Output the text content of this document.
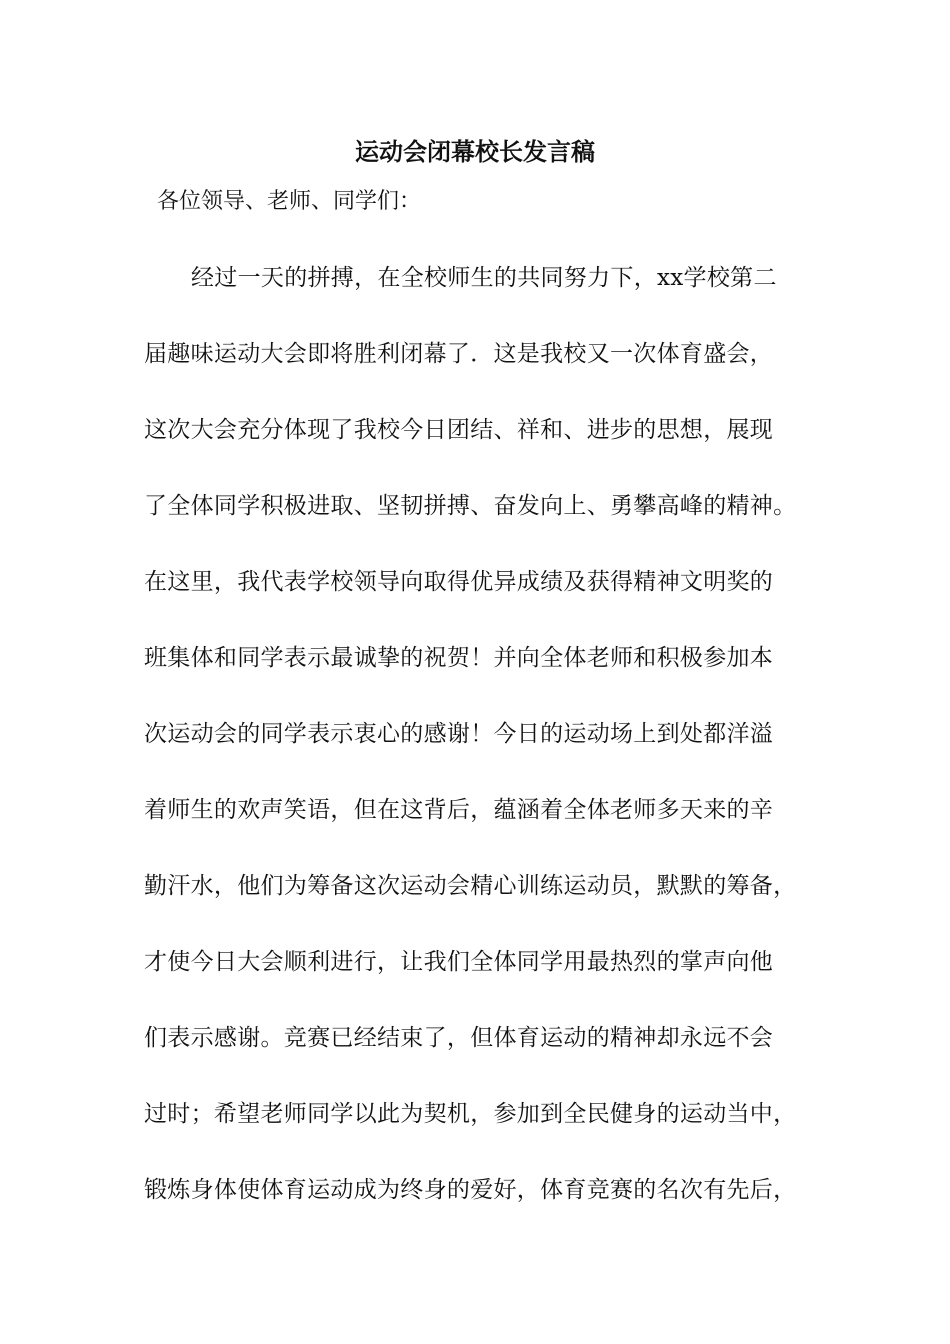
运动会闭幕校长发言稿
各位领导、老师、同学们：
经过一天的拼搏，在全校师生的共同努力下，xx学校第二
届趣味运动大会即将胜利闭幕了．这是我校又一次体育盛会，
这次大会充分体现了我校今日团结、祥和、进步的思想，展现
了全体同学积极进取、坚韧拼搏、奋发向上、勇攀高峰的精神。
在这里，我代表学校领导向取得优异成绩及获得精神文明奖的
班集体和同学表示最诚挚的祝贺！并向全体老师和积极参加本
次运动会的同学表示衷心的感谢！今日的运动场上到处都洋溢
着师生的欢声笑语，但在这背后，蕴涵着全体老师多天来的辛
勤汗水，他们为筹备这次运动会精心训练运动员，默默的筹备，
才使今日大会顺利进行，让我们全体同学用最热烈的掌声向他
们表示感谢。竞赛已经结束了，但体育运动的精神却永远不会
过时；希望老师同学以此为契机，参加到全民健身的运动当中，
锻炼身体使体育运动成为终身的爱好，体育竞赛的名次有先后，
